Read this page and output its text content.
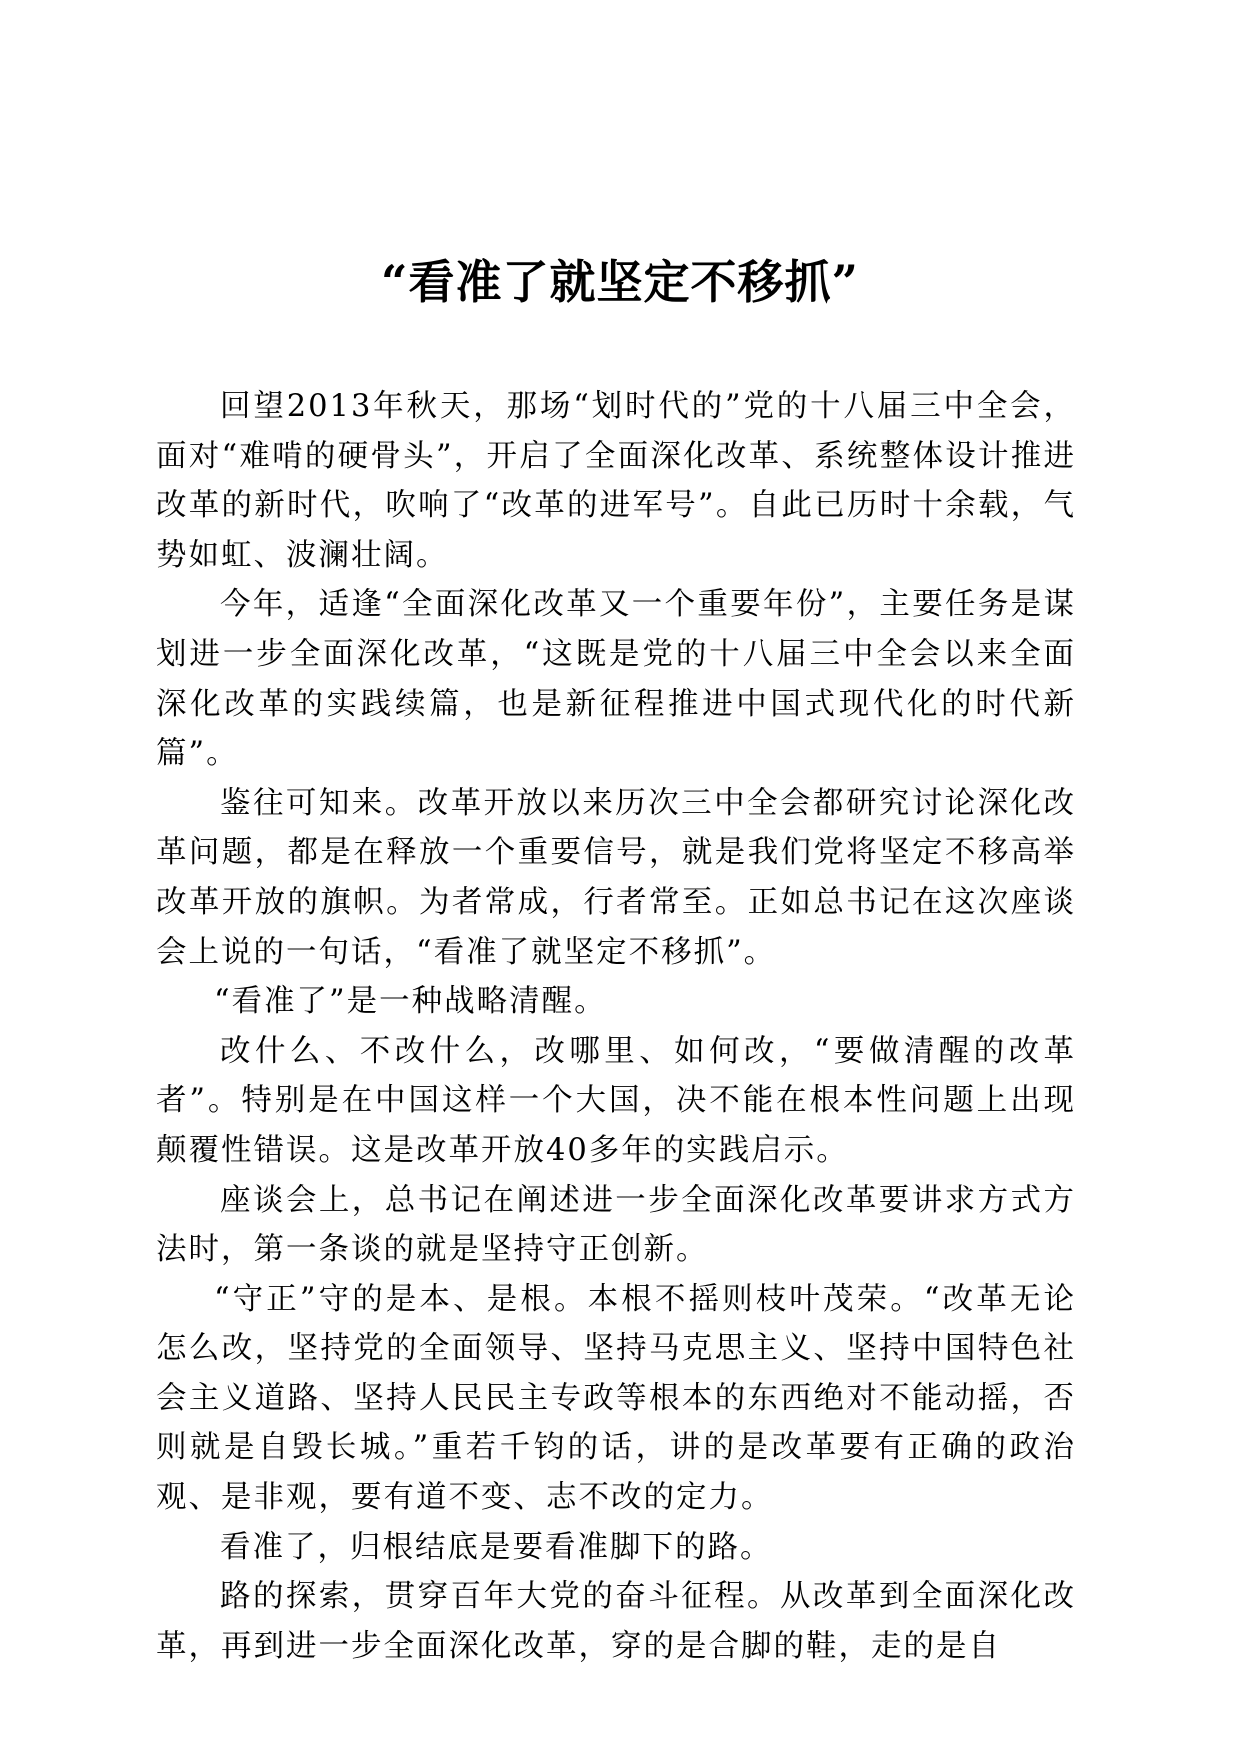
“看准了就坚定不移抓”

回望2013年秋天，那场“划时代的”党的十八届三中全会，面对“难啃的硬骨头”，开启了全面深化改革、系统整体设计推进改革的新时代，吹响了“改革的进军号”。自此已历时十余载，气势如虹、波澜壮阔。

今年，适逢“全面深化改革又一个重要年份”，主要任务是谋划进一步全面深化改革，“这既是党的十八届三中全会以来全面深化改革的实践续篇，也是新征程推进中国式现代化的时代新篇”。

鉴往可知来。改革开放以来历次三中全会都研究讨论深化改革问题，都是在释放一个重要信号，就是我们党将坚定不移高举改革开放的旗帜。为者常成，行者常至。正如总书记在这次座谈会上说的一句话，“看准了就坚定不移抓”。

“看准了”是一种战略清醒。

改什么、不改什么，改哪里、如何改，“要做清醒的改革者”。特别是在中国这样一个大国，决不能在根本性问题上出现颠覆性错误。这是改革开放40多年的实践启示。

座谈会上，总书记在阐述进一步全面深化改革要讲求方式方法时，第一条谈的就是坚持守正创新。

“守正”守的是本、是根。本根不摇则枝叶茂荣。“改革无论怎么改，坚持党的全面领导、坚持马克思主义、坚持中国特色社会主义道路、坚持人民民主专政等根本的东西绝对不能动摇，否则就是自毁长城。”重若千钧的话，讲的是改革要有正确的政治观、是非观，要有道不变、志不改的定力。

看准了，归根结底是要看准脚下的路。

路的探索，贯穿百年大党的奋斗征程。从改革到全面深化改革，再到进一步全面深化改革，穿的是合脚的鞋，走的是自
